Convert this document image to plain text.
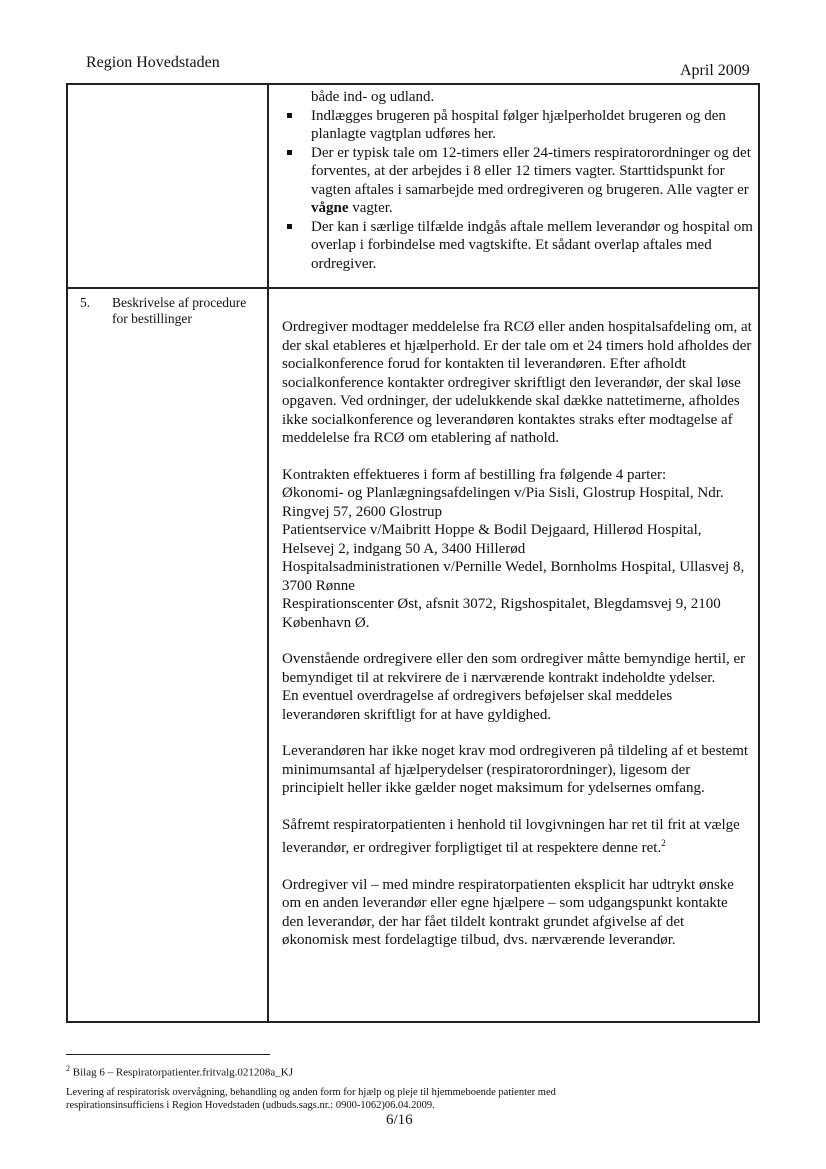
Region Hovedstaden	April 2009
både ind- og udland.
Indlægges brugeren på hospital følger hjælperholdet brugeren og den planlagte vagtplan udføres her.
Der er typisk tale om 12-timers eller 24-timers respiratorordninger og det forventes, at der arbejdes i 8 eller 12 timers vagter. Starttidspunkt for vagten aftales i samarbejde med ordregiveren og brugeren. Alle vagter er vågne vagter.
Der kan i særlige tilfælde indgås aftale mellem leverandør og hospital om overlap i forbindelse med vagtskifte. Et sådant overlap aftales med ordregiver.
5. Beskrivelse af procedure for bestillinger

Ordregiver modtager meddelelse fra RCØ eller anden hospitalsafdeling om, at der skal etableres et hjælperhold. Er der tale om et 24 timers hold afholdes der socialkonference forud for kontakten til leverandøren. Efter afholdt socialkonference kontakter ordregiver skriftligt den leverandør, der skal løse opgaven. Ved ordninger, der udelukkende skal dække nattetimerne, afholdes ikke socialkonference og leverandøren kontaktes straks efter modtagelse af meddelelse fra RCØ om etablering af nathold.

Kontrakten effektueres i form af bestilling fra følgende 4 parter:
Økonomi- og Planlægningsafdelingen v/Pia Sisli, Glostrup Hospital, Ndr. Ringvej 57, 2600 Glostrup
Patientservice v/Maibritt Hoppe & Bodil Dejgaard, Hillerød Hospital, Helsevej 2, indgang 50 A, 3400 Hillerød
Hospitalsadministrationen v/Pernille Wedel, Bornholms Hospital, Ullasvej 8, 3700 Rønne
Respirationscenter Øst, afsnit 3072, Rigshospitalet, Blegdamsvej 9, 2100 København Ø.

Ovenstående ordregivere eller den som ordregiver måtte bemyndige hertil, er bemyndiget til at rekvirere de i nærværende kontrakt indeholdte ydelser.

En eventuel overdragelse af ordregivers beføjelser skal meddeles leverandøren skriftligt for at have gyldighed.

Leverandøren har ikke noget krav mod ordregiveren på tildeling af et bestemt minimumsantal af hjælperydelser (respiratorordninger), ligesom der principielt heller ikke gælder noget maksimum for ydelsernes omfang.

Såfremt respiratorpatienten i henhold til lovgivningen har ret til frit at vælge leverandør, er ordregiver forpligtiget til at respektere denne ret.$^2$

Ordregiver vil – med mindre respiratorpatienten eksplicit har udtrykt ønske om en anden leverandør eller egne hjælpere – som udgangspunkt kontakte den leverandør, der har fået tildelt kontrakt grundet afgivelse af det økonomisk mest fordelagtige tilbud, dvs. nærværende leverandør.

$^2$ Bilag 6 – Respiratorpatienter.fritvalg.021208a_KJ
Levering af respiratorisk overvågning, behandling og anden form for hjælp og pleje til hjemmeboende patienter med
respirationsinsufficiens i Region Hovedstaden (udbuds.sags.nr.: 0900-1062)06.04.2009.
6/16
